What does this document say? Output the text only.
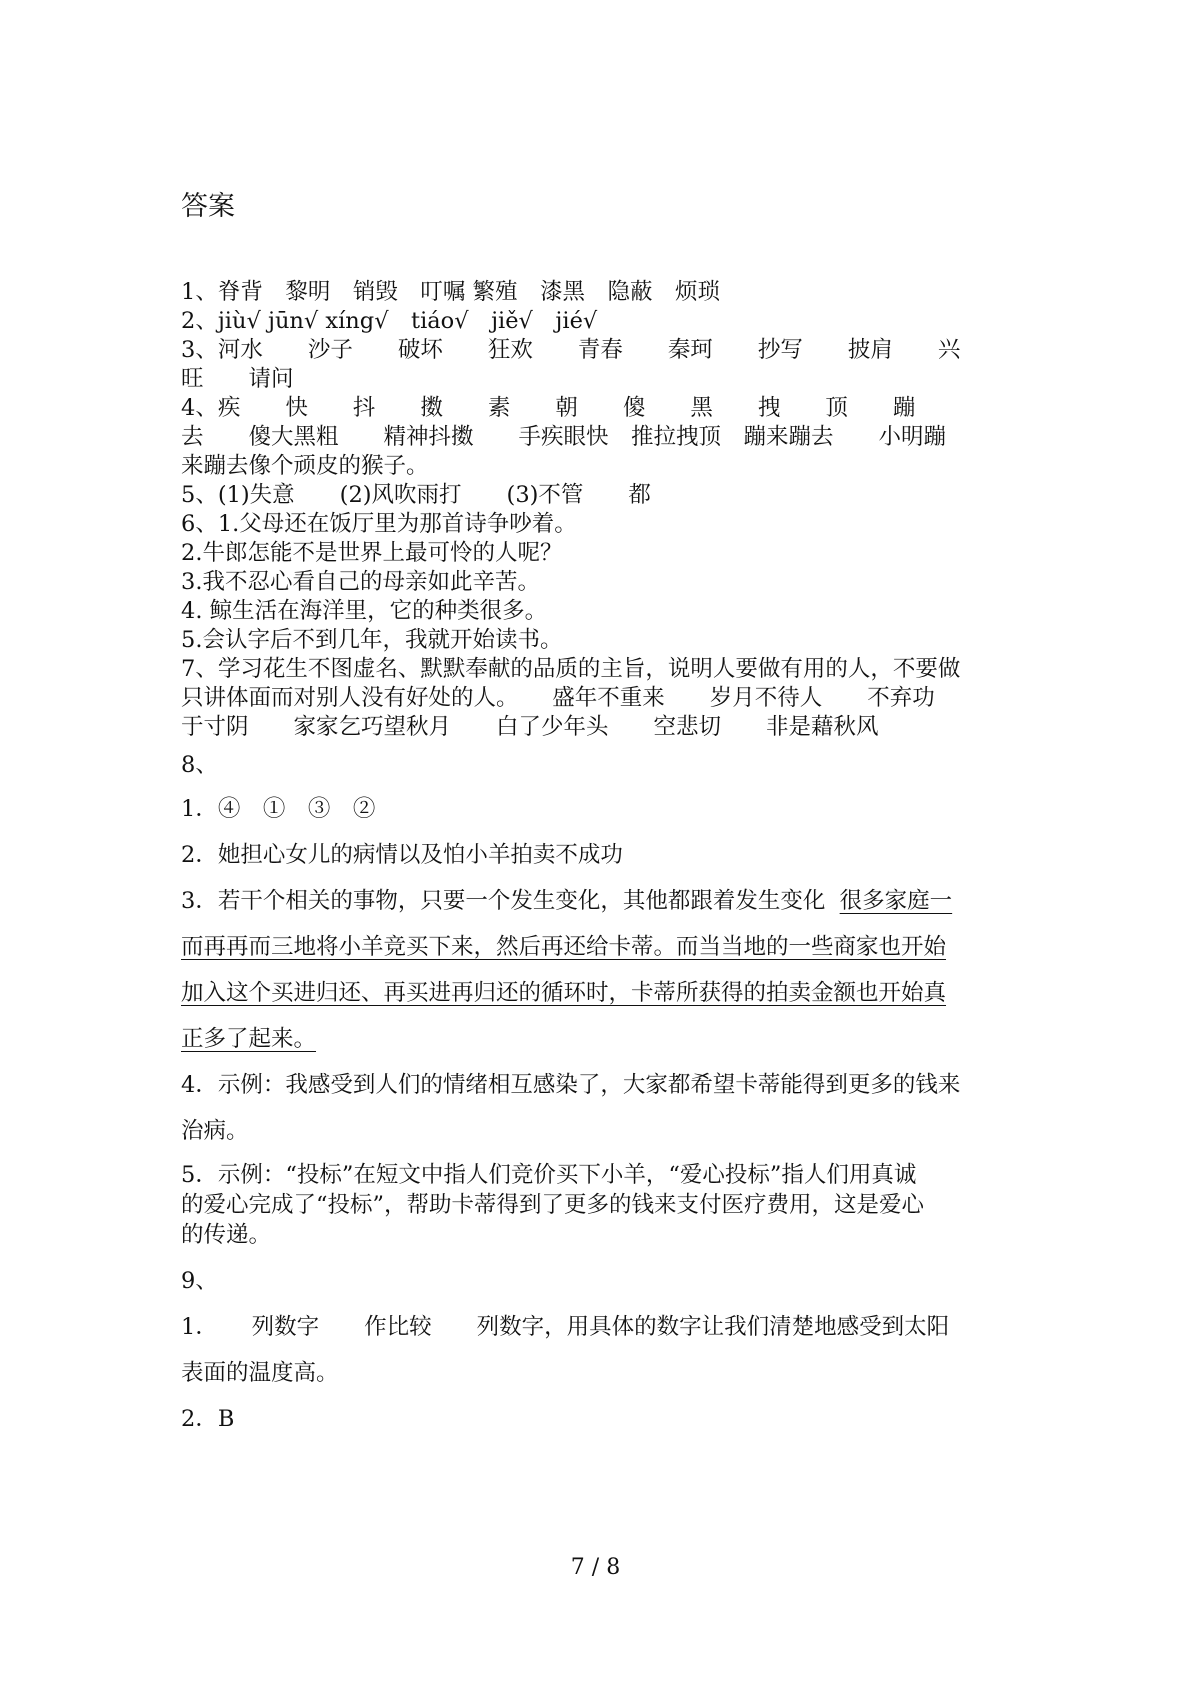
答案
1、脊背　黎明　销毁　叮嘱 繁殖　漆黑　隐蔽　烦琐
2、jiù√ jūn√ xíng√　tiáo√　jiě√　jié√
3、河水　　沙子　　破坏　　狂欢　　青春　　秦珂　　抄写　　披肩　　兴
旺　　请问
4、疾　　快　　抖　　擞　　素　　朝　　傻　　黑　　拽　　顶　　蹦
去　　傻大黑粗　　精神抖擞　　手疾眼快　推拉拽顶　蹦来蹦去　　小明蹦
来蹦去像个顽皮的猴子。
5、(1)失意　　(2)风吹雨打　　(3)不管　　都
6、1.父母还在饭厅里为那首诗争吵着。
2.牛郎怎能不是世界上最可怜的人呢？
3.我不忍心看自己的母亲如此辛苦。
4. 鲸生活在海洋里，它的种类很多。
5.会认字后不到几年，我就开始读书。
7、学习花生不图虚名、默默奉献的品质的主旨，说明人要做有用的人，不要做
只讲体面而对别人没有好处的人。　　盛年不重来　　岁月不待人　　不弃功
于寸阴　　家家乞巧望秋月　　白了少年头　　空悲切　　非是藉秋风
8、
1．④　①　③　②
2．她担心女儿的病情以及怕小羊拍卖不成功
3．若干个相关的事物，只要一个发生变化，其他都跟着发生变化 很多家庭一
而再再而三地将小羊竞买下来，然后再还给卡蒂。而当当地的一些商家也开始
加入这个买进归还、再买进再归还的循环时，卡蒂所获得的拍卖金额也开始真
正多了起来。
4．示例：我感受到人们的情绪相互感染了，大家都希望卡蒂能得到更多的钱来
治病。
5．示例：“投标”在短文中指人们竞价买下小羊，“爱心投标”指人们用真诚
的爱心完成了“投标”，帮助卡蒂得到了更多的钱来支付医疗费用，这是爱心
的传递。
9、
1．　　列数字　　作比较　　列数字，用具体的数字让我们清楚地感受到太阳
表面的温度高。
2．B
7 / 8
